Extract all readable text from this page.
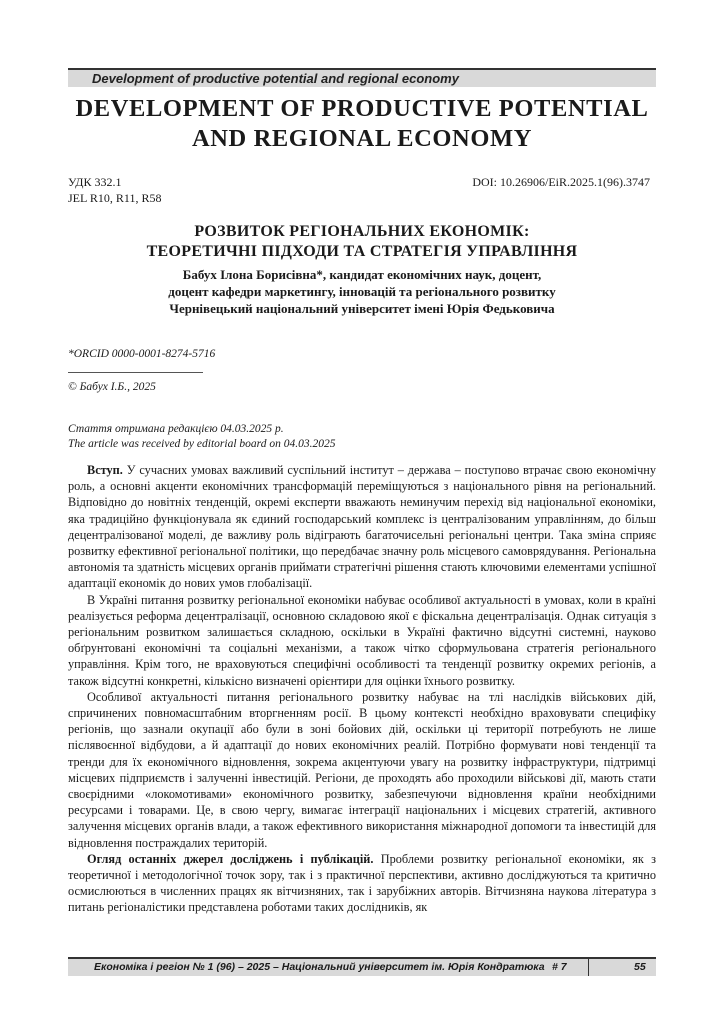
Development of productive potential and regional economy
DEVELOPMENT OF PRODUCTIVE POTENTIAL
AND REGIONAL ECONOMY
УДК 332.1
JEL R10, R11, R58
DOI: 10.26906/EiR.2025.1(96).3747
РОЗВИТОК РЕГІОНАЛЬНИХ ЕКОНОМІК:
ТЕОРЕТИЧНІ ПІДХОДИ ТА СТРАТЕГІЯ УПРАВЛІННЯ
Бабух Ілона Борисівна*, кандидат економічних наук, доцент,
доцент кафедри маркетингу, інновацій та регіонального розвитку
Чернівецький національний університет імені Юрія Федьковича
*ORCID 0000-0001-8274-5716
© Бабух І.Б., 2025
Стаття отримана редакцією 04.03.2025 р.
The article was received by editorial board on 04.03.2025

Вступ. У сучасних умовах важливий суспільний інститут – держава – поступово втрачає свою економічну роль, а основні акценти економічних трансформацій переміщуються з національного рівня на регіональний. Відповідно до новітніх тенденцій, окремі експерти вважають неминучим перехід від національної економіки, яка традиційно функціонувала як єдиний господарський комплекс із централізованим управлінням, до більш децентралізованої моделі, де важливу роль відіграють багаточисельні регіональні центри. Така зміна сприяє розвитку ефективної регіональної політики, що передбачає значну роль місцевого самоврядування. Регіональна автономія та здатність місцевих органів приймати стратегічні рішення стають ключовими елементами успішної адаптації економік до нових умов глобалізації.

В Україні питання розвитку регіональної економіки набуває особливої актуальності в умовах, коли в країні реалізується реформа децентралізації, основною складовою якої є фіскальна децентралізація. Однак ситуація з регіональним розвитком залишається складною, оскільки в Україні фактично відсутні системні, науково обґрунтовані економічні та соціальні механізми, а також чітко сформульована стратегія регіонального управління. Крім того, не враховуються специфічні особливості та тенденції розвитку окремих регіонів, а також відсутні конкретні, кількісно визначені орієнтири для оцінки їхнього розвитку.

Особливої актуальності питання регіонального розвитку набуває на тлі наслідків військових дій, спричинених повномасштабним вторгненням росії. В цьому контексті необхідно враховувати специфіку регіонів, що зазнали окупації або були в зоні бойових дій, оскільки ці території потребують не лише післявоєнної відбудови, а й адаптації до нових економічних реалій. Потрібно формувати нові тенденції та тренди для їх економічного відновлення, зокрема акцентуючи увагу на розвитку інфраструктури, підтримці місцевих підприємств і залученні інвестицій. Регіони, де проходять або проходили військові дії, мають стати своєрідними «локомотивами» економічного розвитку, забезпечуючи відновлення країни необхідними ресурсами і товарами. Це, в свою чергу, вимагає інтеграції національних і місцевих стратегій, активного залучення місцевих органів влади, а також ефективного використання міжнародної допомоги та інвестицій для відновлення постраждалих територій.

Огляд останніх джерел досліджень і публікацій. Проблеми розвитку регіональної економіки, як з теоретичної і методологічної точок зору, так і з практичної перспективи, активно досліджуються та критично осмислюються в численних працях як вітчизняних, так і зарубіжних авторів. Вітчизняна наукова література з питань регіоналістики представлена роботами таких дослідників, як

Економіка і регіон № 1 (96) – 2025 – Національний університет ім. Юрія Кондратюка # 7	55
